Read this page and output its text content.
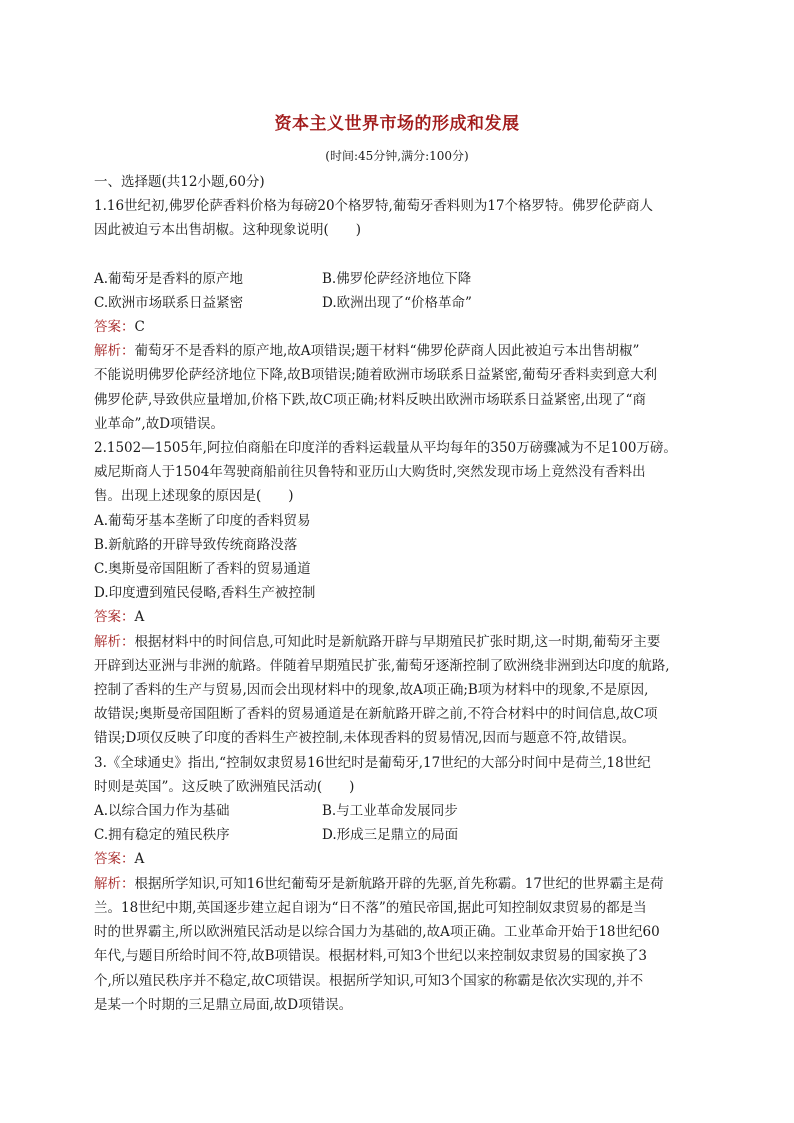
资本主义世界市场的形成和发展
(时间:45分钟,满分:100分)
一、选择题(共12小题,60分)
1.16世纪初,佛罗伦萨香料价格为每磅20个格罗特,葡萄牙香料则为17个格罗特。佛罗伦萨商人
因此被迫亏本出售胡椒。这种现象说明(　　)
A.葡萄牙是香料的原产地	B.佛罗伦萨经济地位下降
C.欧洲市场联系日益紧密	D.欧洲出现了“价格革命”
答案：C
解析：葡萄牙不是香料的原产地,故A项错误;题干材料“佛罗伦萨商人因此被迫亏本出售胡椒”
不能说明佛罗伦萨经济地位下降,故B项错误;随着欧洲市场联系日益紧密,葡萄牙香料卖到意大利
佛罗伦萨,导致供应量增加,价格下跌,故C项正确;材料反映出欧洲市场联系日益紧密,出现了“商
业革命”,故D项错误。
2.1502—1505年,阿拉伯商船在印度洋的香料运载量从平均每年的350万磅骤减为不足100万磅。
威尼斯商人于1504年驾驶商船前往贝鲁特和亚历山大购货时,突然发现市场上竟然没有香料出
售。出现上述现象的原因是(　　)
A.葡萄牙基本垄断了印度的香料贸易
B.新航路的开辟导致传统商路没落
C.奥斯曼帝国阻断了香料的贸易通道
D.印度遭到殖民侵略,香料生产被控制
答案：A
解析：根据材料中的时间信息,可知此时是新航路开辟与早期殖民扩张时期,这一时期,葡萄牙主要
开辟到达亚洲与非洲的航路。伴随着早期殖民扩张,葡萄牙逐渐控制了欧洲绕非洲到达印度的航路,
控制了香料的生产与贸易,因而会出现材料中的现象,故A项正确;B项为材料中的现象,不是原因,
故错误;奥斯曼帝国阻断了香料的贸易通道是在新航路开辟之前,不符合材料中的时间信息,故C项
错误;D项仅反映了印度的香料生产被控制,未体现香料的贸易情况,因而与题意不符,故错误。
3.《全球通史》指出,“控制奴隶贸易16世纪时是葡萄牙,17世纪的大部分时间中是荷兰,18世纪
时则是英国”。这反映了欧洲殖民活动(　　)
A.以综合国力作为基础	B.与工业革命发展同步
C.拥有稳定的殖民秩序	D.形成三足鼎立的局面
答案：A
解析：根据所学知识,可知16世纪葡萄牙是新航路开辟的先驱,首先称霸。17世纪的世界霸主是荷
兰。18世纪中期,英国逐步建立起自诩为“日不落”的殖民帝国,据此可知控制奴隶贸易的都是当
时的世界霸主,所以欧洲殖民活动是以综合国力为基础的,故A项正确。工业革命开始于18世纪60
年代,与题目所给时间不符,故B项错误。根据材料,可知3个世纪以来控制奴隶贸易的国家换了3
个,所以殖民秩序并不稳定,故C项错误。根据所学知识,可知3个国家的称霸是依次实现的,并不
是某一个时期的三足鼎立局面,故D项错误。
